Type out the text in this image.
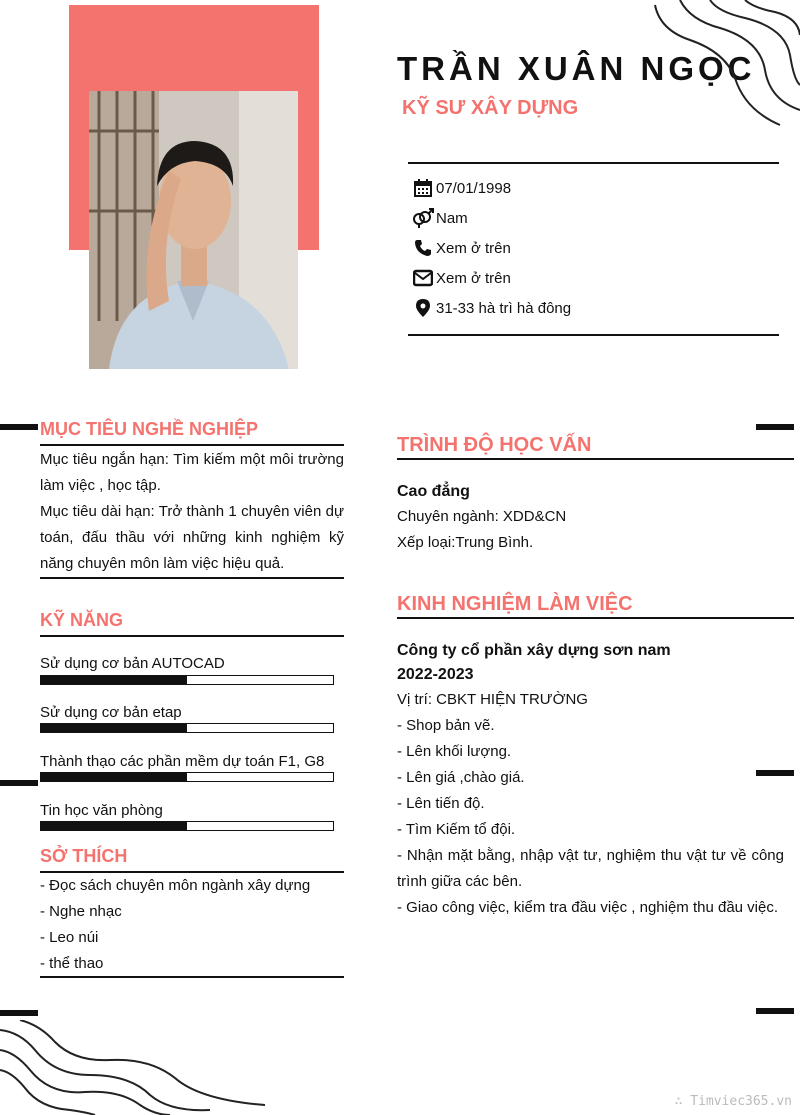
TRẦN XUÂN NGỌC
KỸ SƯ XÂY DỰNG
07/01/1998
Nam
Xem ở trên
Xem ở trên
31-33 hà trì hà đông
MỤC TIÊU NGHỀ NGHIỆP
Mục tiêu ngắn hạn: Tìm kiếm một môi trường làm việc , học tập.
Mục tiêu dài hạn: Trở thành 1 chuyên viên dự toán, đấu thầu với những kinh nghiệm kỹ năng chuyên môn làm việc hiệu quả.
KỸ NĂNG
Sử dụng cơ bản AUTOCAD
Sử dụng cơ bản etap
Thành thạo các phần mềm dự toán F1, G8
Tin học văn phòng
SỞ THÍCH
- Đọc sách chuyên môn ngành xây dựng
- Nghe nhạc
- Leo núi
- thể thao
TRÌNH ĐỘ HỌC VẤN
Cao đẳng
Chuyên ngành: XDD&CN
Xếp loại:Trung Bình.
KINH NGHIỆM LÀM VIỆC
Công ty cổ phần xây dựng sơn nam
2022-2023
Vị trí: CBKT HIỆN TRƯỜNG
- Shop bản vẽ.
- Lên khối lượng.
- Lên giá ,chào giá.
- Lên tiến độ.
- Tìm Kiếm tổ đội.
- Nhận mặt bằng, nhập vật tư, nghiệm thu vật tư về công trình giữa các bên.
- Giao công việc, kiểm tra đầu việc , nghiệm thu đầu việc.
∴ Timviec365.vn
